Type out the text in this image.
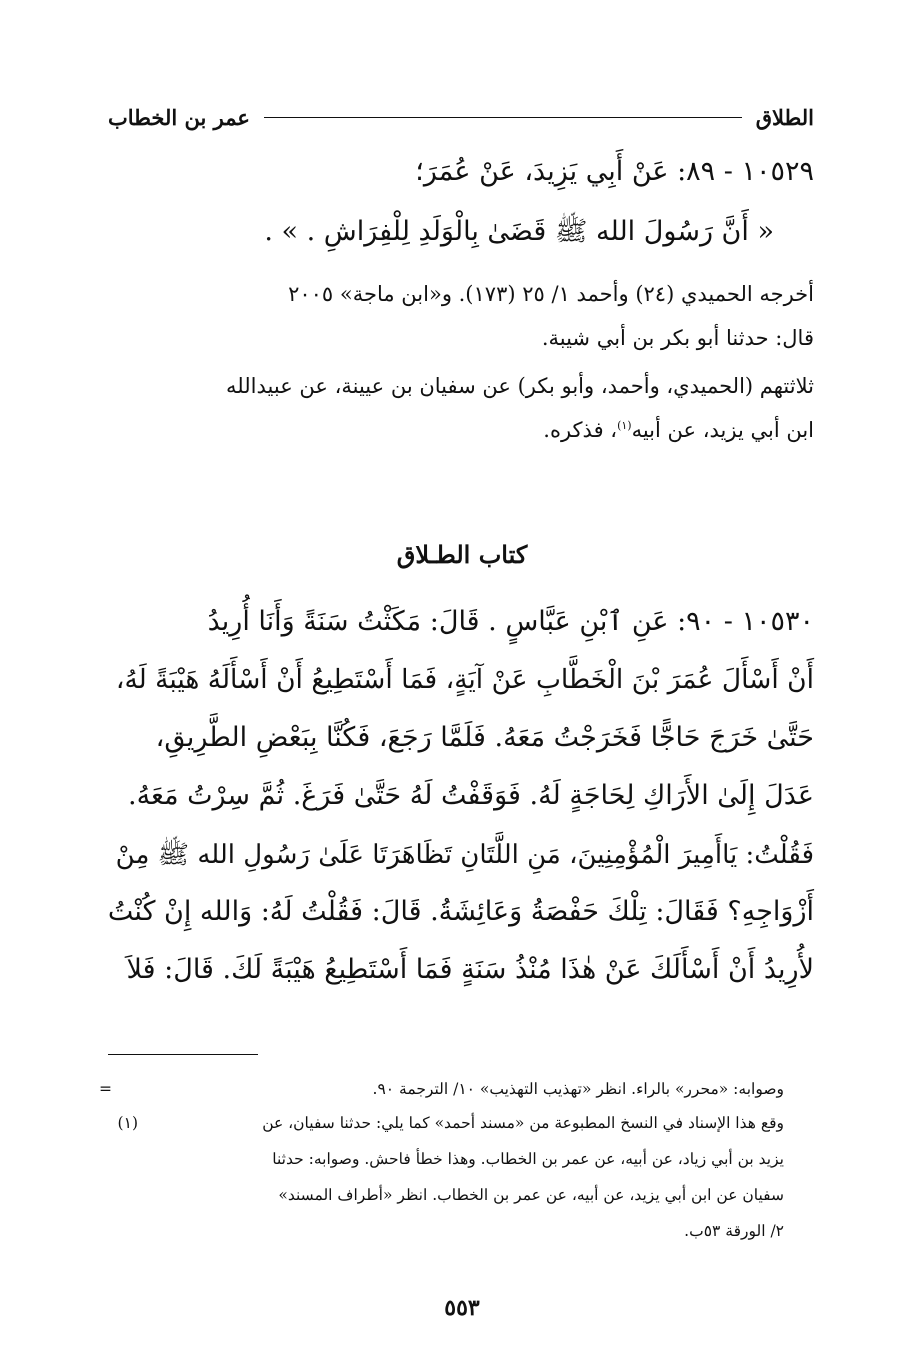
الطلاق
عمر بن الخطاب
١٠٥٢٩ - ٨٩: عَنْ أَبِي يَزِيدَ، عَنْ عُمَرَ؛
« أَنَّ رَسُولَ الله ﷺ قَضَىٰ بِالْوَلَدِ لِلْفِرَاشِ . » .
أخرجه الحميدي (٢٤) وأحمد ١/ ٢٥ (١٧٣). و«ابن ماجة» ٢٠٠٥
قال: حدثنا أبو بكر بن أبي شيبة.
ثلاثتهم (الحميدي، وأحمد، وأبو بكر) عن سفيان بن عيينة، عن عبيدالله
ابن أبي يزيد، عن أبيه$^{(١)}$، فذكره.
كتاب الطـلاق
١٠٥٣٠ - ٩٠: عَنِ ٱبْنِ عَبَّاسٍ . قَالَ: مَكَثْتُ سَنَةً وَأَنَا أُرِيدُ
أَنْ أَسْأَلَ عُمَرَ بْنَ الْخَطَّابِ عَنْ آيَةٍ، فَمَا أَسْتَطِيعُ أَنْ أَسْأَلَهُ هَيْبَةً لَهُ،
حَتَّىٰ خَرَجَ حَاجًّا فَخَرَجْتُ مَعَهُ. فَلَمَّا رَجَعَ، فَكُنَّا بِبَعْضِ الطَّرِيقِ،
عَدَلَ إِلَىٰ الأَرَاكِ لِحَاجَةٍ لَهُ. فَوَقَفْتُ لَهُ حَتَّىٰ فَرَغَ. ثُمَّ سِرْتُ مَعَهُ.
فَقُلْتُ: يَاأَمِيرَ الْمُؤْمِنِينَ، مَنِ اللَّتَانِ تَظَاهَرَتَا عَلَىٰ رَسُولِ الله ﷺ مِنْ
أَزْوَاجِهِ؟ فَقَالَ: تِلْكَ حَفْصَةُ وَعَائِشَةُ. قَالَ: فَقُلْتُ لَهُ: وَالله إِنْ كُنْتُ
لأُرِيدُ أَنْ أَسْأَلَكَ عَنْ هٰذَا مُنْذُ سَنَةٍ فَمَا أَسْتَطِيعُ هَيْبَةً لَكَ. قَالَ: فَلاَ
=	وصوابه: «محرر» بالراء. انظر «تهذيب التهذيب» ١٠/ الترجمة ٩٠.
(١)	وقع هذا الإسناد في النسخ المطبوعة من «مسند أحمد» كما يلي: حدثنا سفيان، عن
يزيد بن أبي زياد، عن أبيه، عن عمر بن الخطاب. وهذا خطأ فاحش. وصوابه: حدثنا
سفيان عن ابن أبي يزيد، عن أبيه، عن عمر بن الخطاب. انظر «أطراف المسند»
٢/ الورقة ٥٣ب.
٥٥٣
